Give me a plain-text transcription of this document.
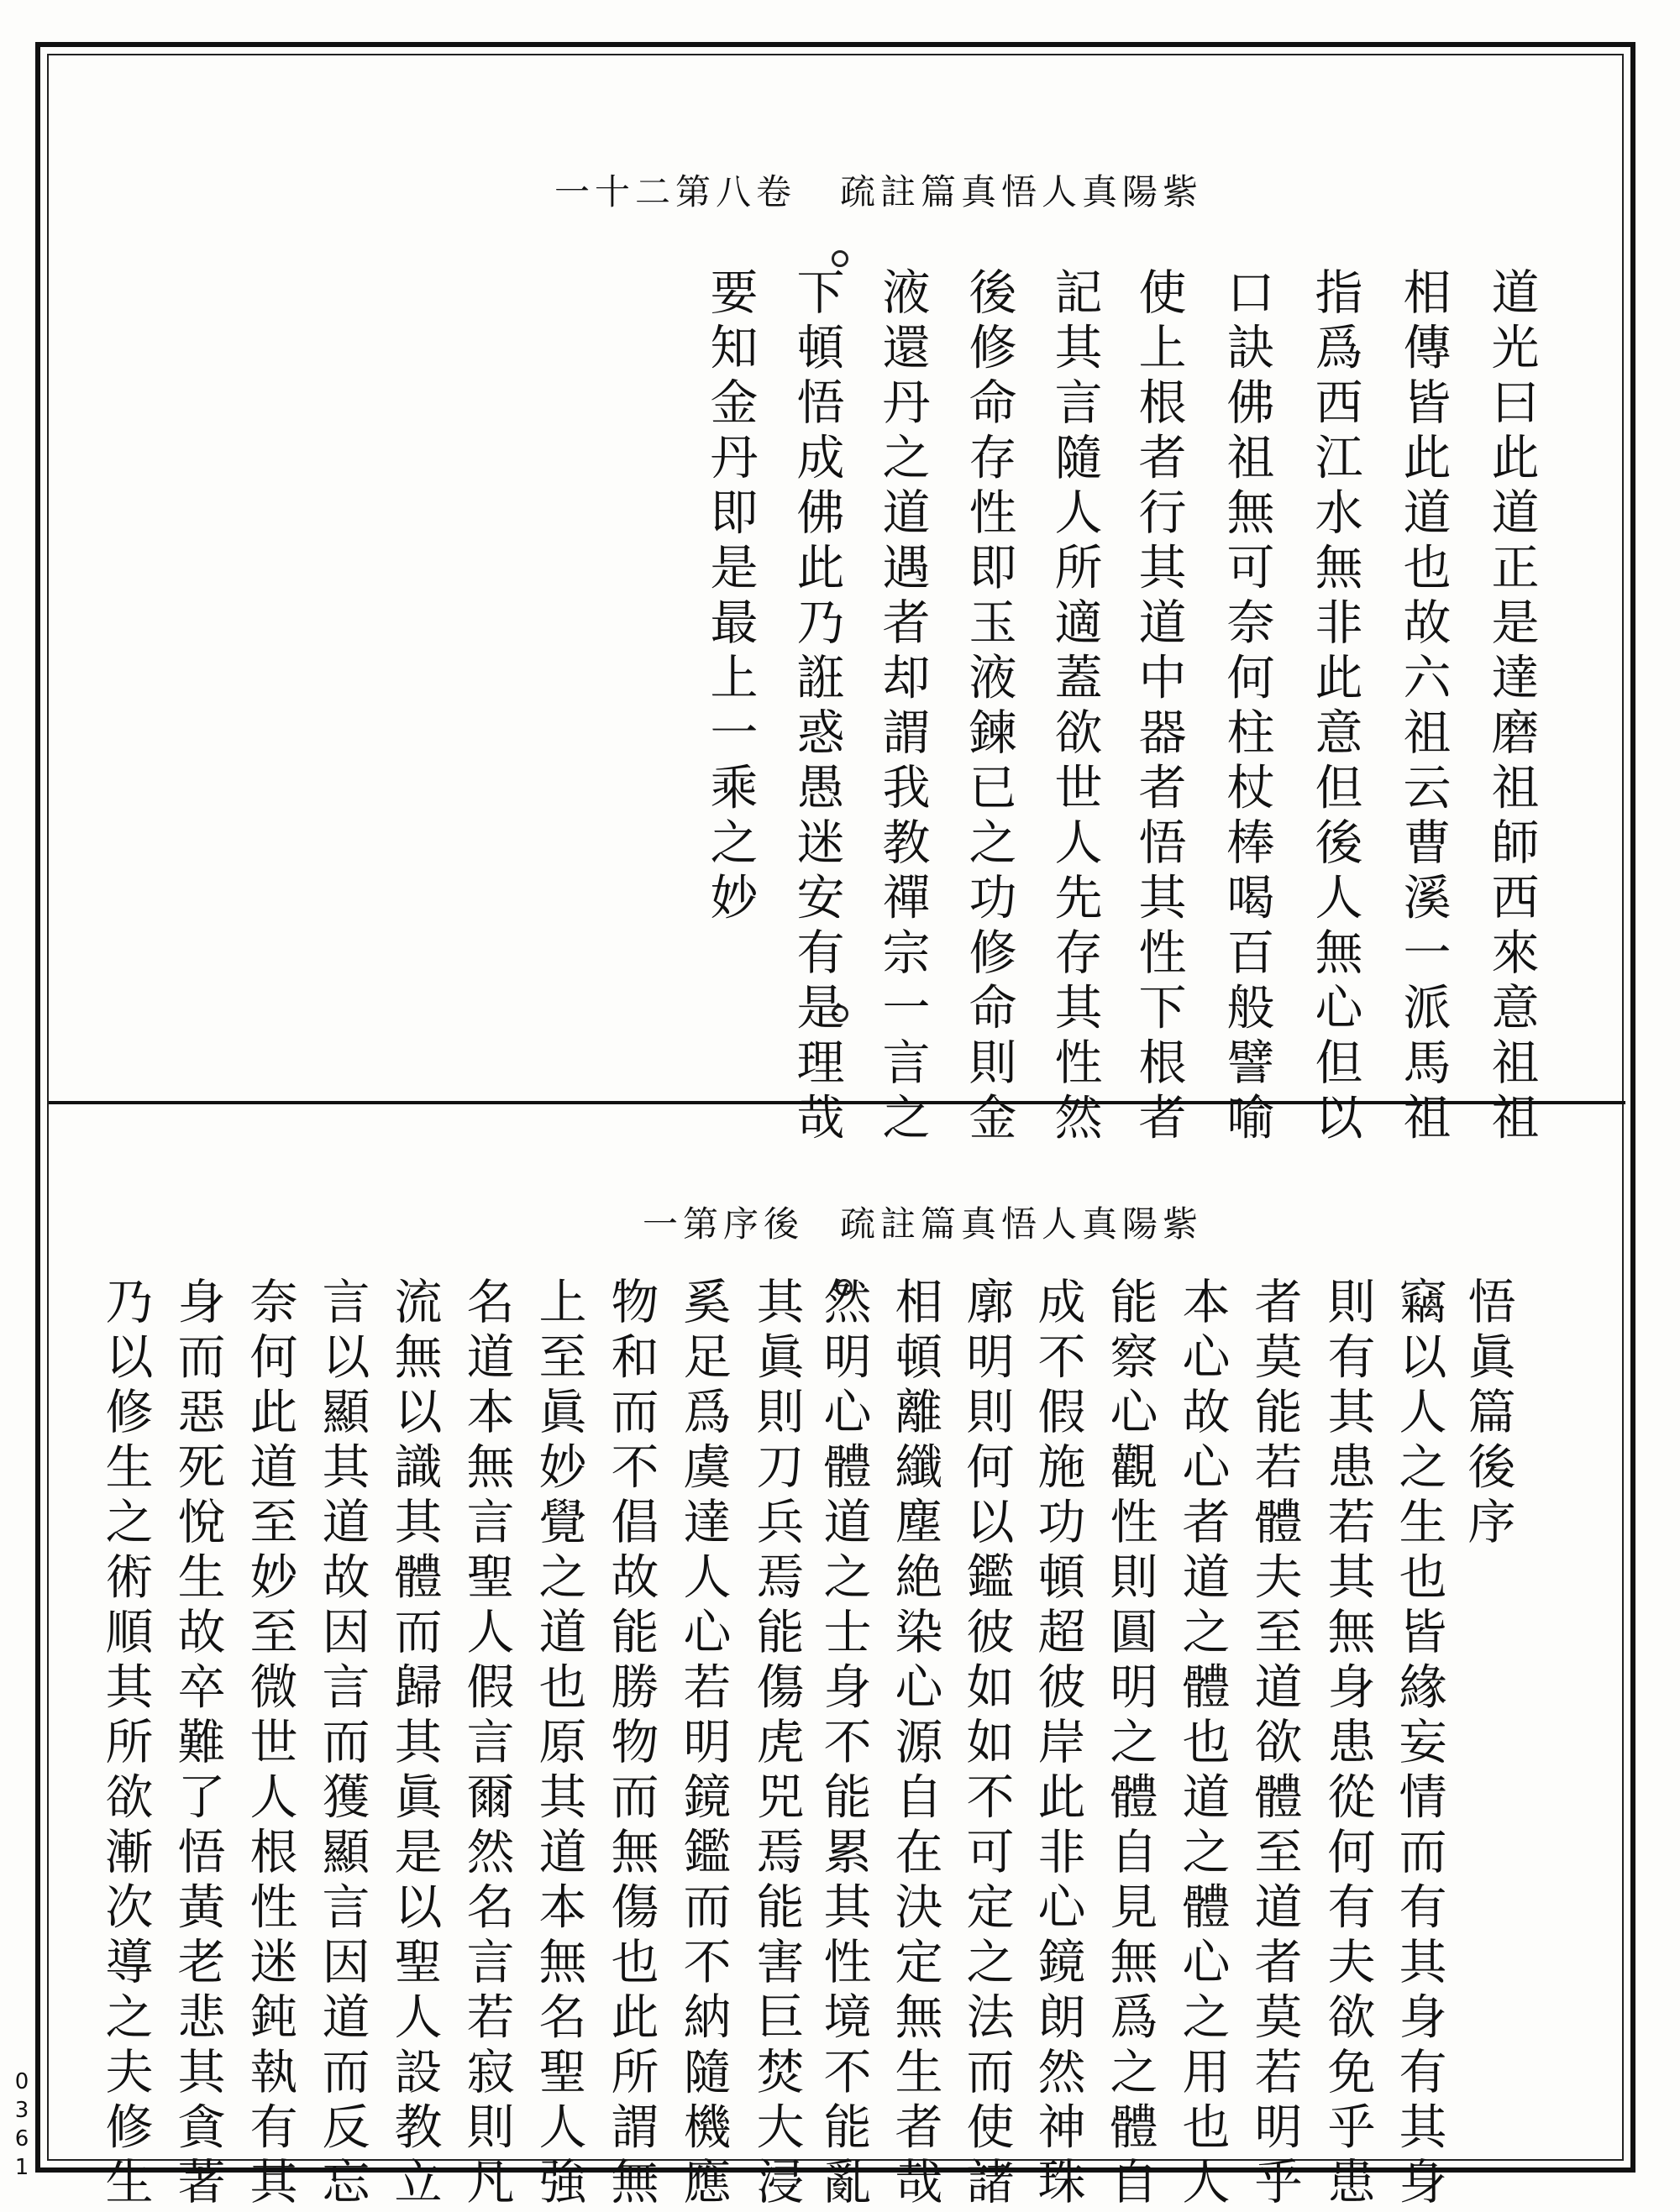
一十二第八卷 疏註篇真悟人真陽紫
道光曰此道正是達磨祖師西來意祖祖
相傳皆此道也故六祖云曹溪一派馬祖
指爲西江水無非此意但後人無心但以
口訣佛祖無可奈何柱杖棒喝百般譬喻
使上根者行其道中器者悟其性下根者
記其言隨人所適蓋欲世人先存其性然
後修命存性即玉液鍊已之功修命則金
液還丹之道遇者却謂我教禪宗一言之
下頓悟成佛此乃誑惑愚迷安有是理哉
要知金丹即是最上一乘之妙
一第序後 疏註篇真悟人真陽紫
悟眞篇後序
竊以人之生也皆緣妄情而有其身有其身
則有其患若其無身患從何有夫欲免乎患
者莫能若體夫至道欲體至道者莫若明乎
本心故心者道之體也道之體心之用也人
能察心觀性則圓明之體自見無爲之體自
成不假施功頓超彼岸此非心鏡朗然神珠
廓明則何以鑑彼如如不可定之法而使諸
相頓離纖塵絶染心源自在決定無生者哉
然明心體道之士身不能累其性境不能亂
其眞則刀兵焉能傷虎兕焉能害巨焚大浸
奚足爲虞達人心若明鏡鑑而不納隨機應
物和而不倡故能勝物而無傷也此所謂無
上至眞妙覺之道也原其道本無名聖人強
名道本無言聖人假言爾然名言若寂則凡
流無以識其體而歸其眞是以聖人設教立
言以顯其道故因言而獲顯言因道而反忘
奈何此道至妙至微世人根性迷鈍執有其
身而惡死悅生故卒難了悟黃老悲其貪著
乃以修生之術順其所欲漸次導之夫修生
0361
